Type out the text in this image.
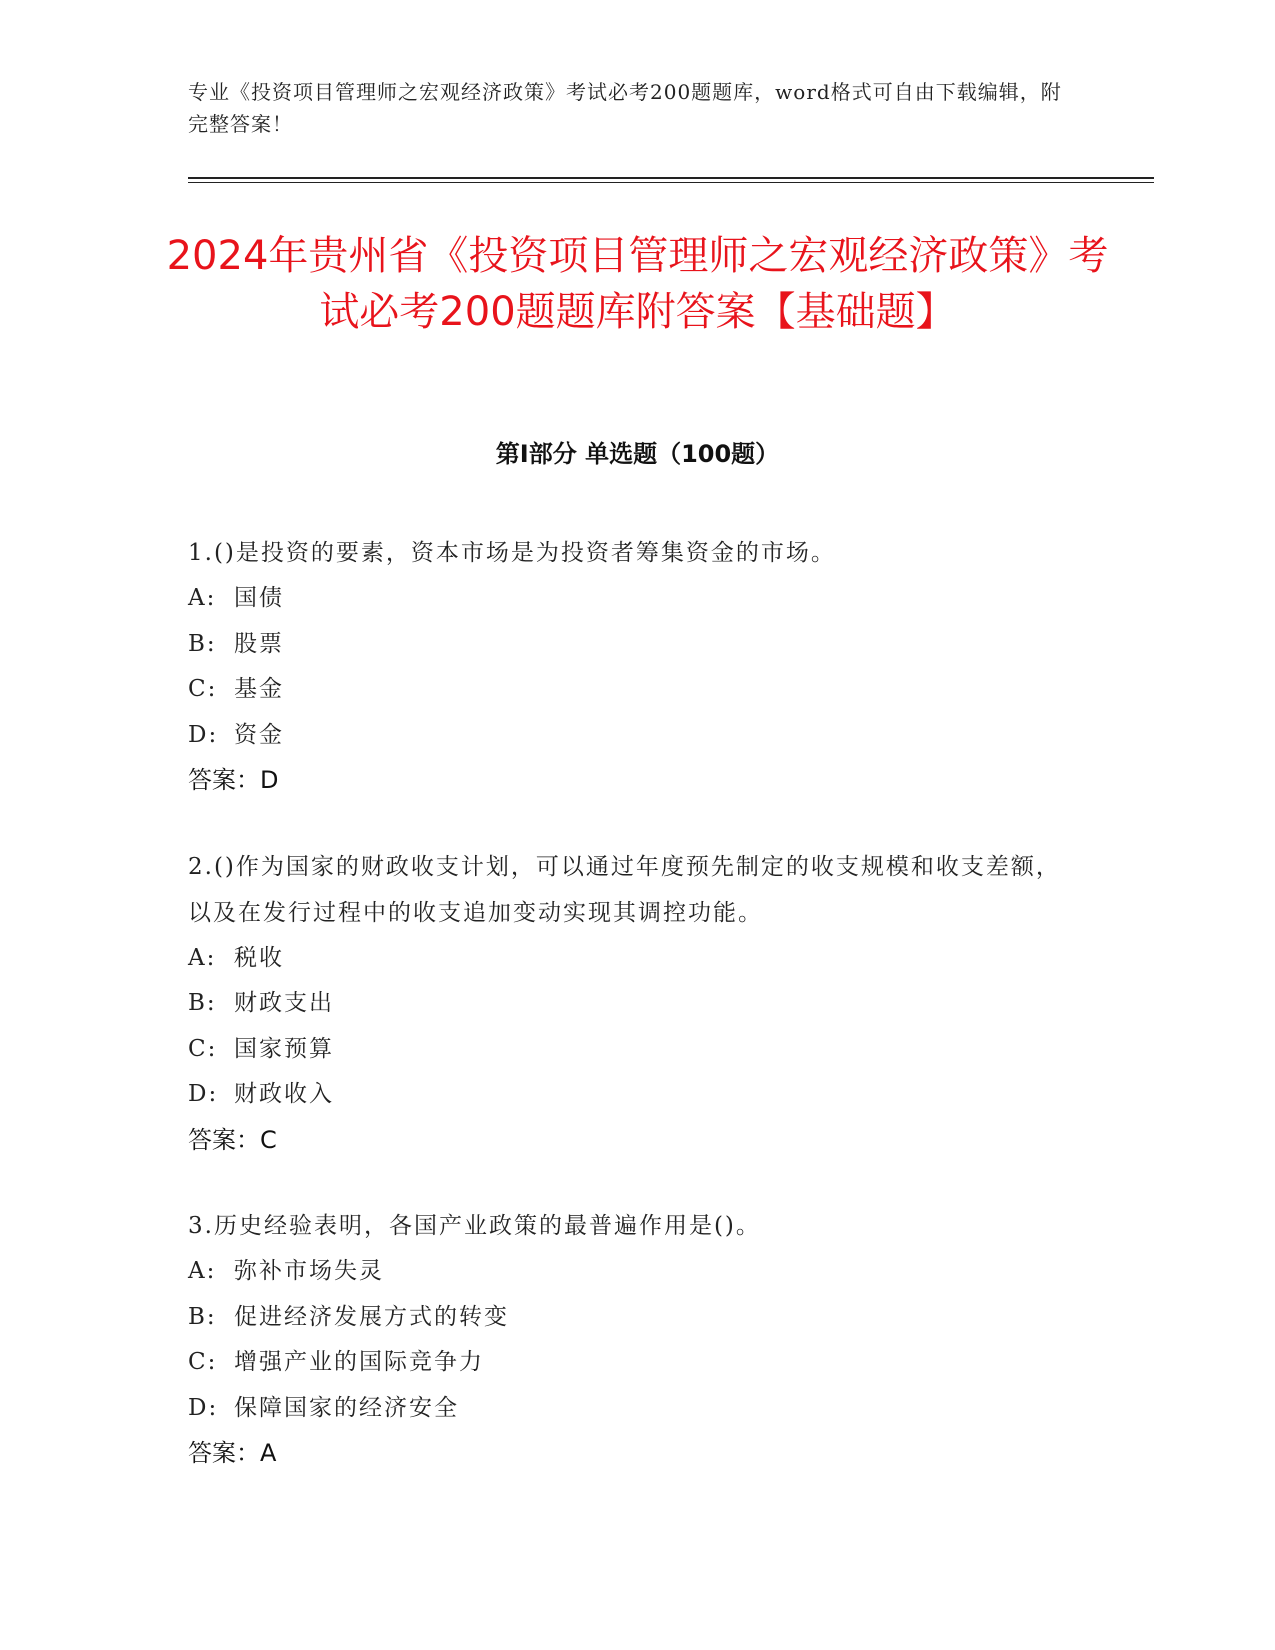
专业《投资项目管理师之宏观经济政策》考试必考200题题库，word格式可自由下载编辑，附完整答案！
2024年贵州省《投资项目管理师之宏观经济政策》考试必考200题题库附答案【基础题】
第I部分 单选题（100题）
1.()是投资的要素，资本市场是为投资者筹集资金的市场。
A: 国债
B: 股票
C: 基金
D: 资金
答案：D
2.()作为国家的财政收支计划，可以通过年度预先制定的收支规模和收支差额，以及在发行过程中的收支追加变动实现其调控功能。
A: 税收
B: 财政支出
C: 国家预算
D: 财政收入
答案：C
3.历史经验表明，各国产业政策的最普遍作用是()。
A: 弥补市场失灵
B: 促进经济发展方式的转变
C: 增强产业的国际竞争力
D: 保障国家的经济安全
答案：A
